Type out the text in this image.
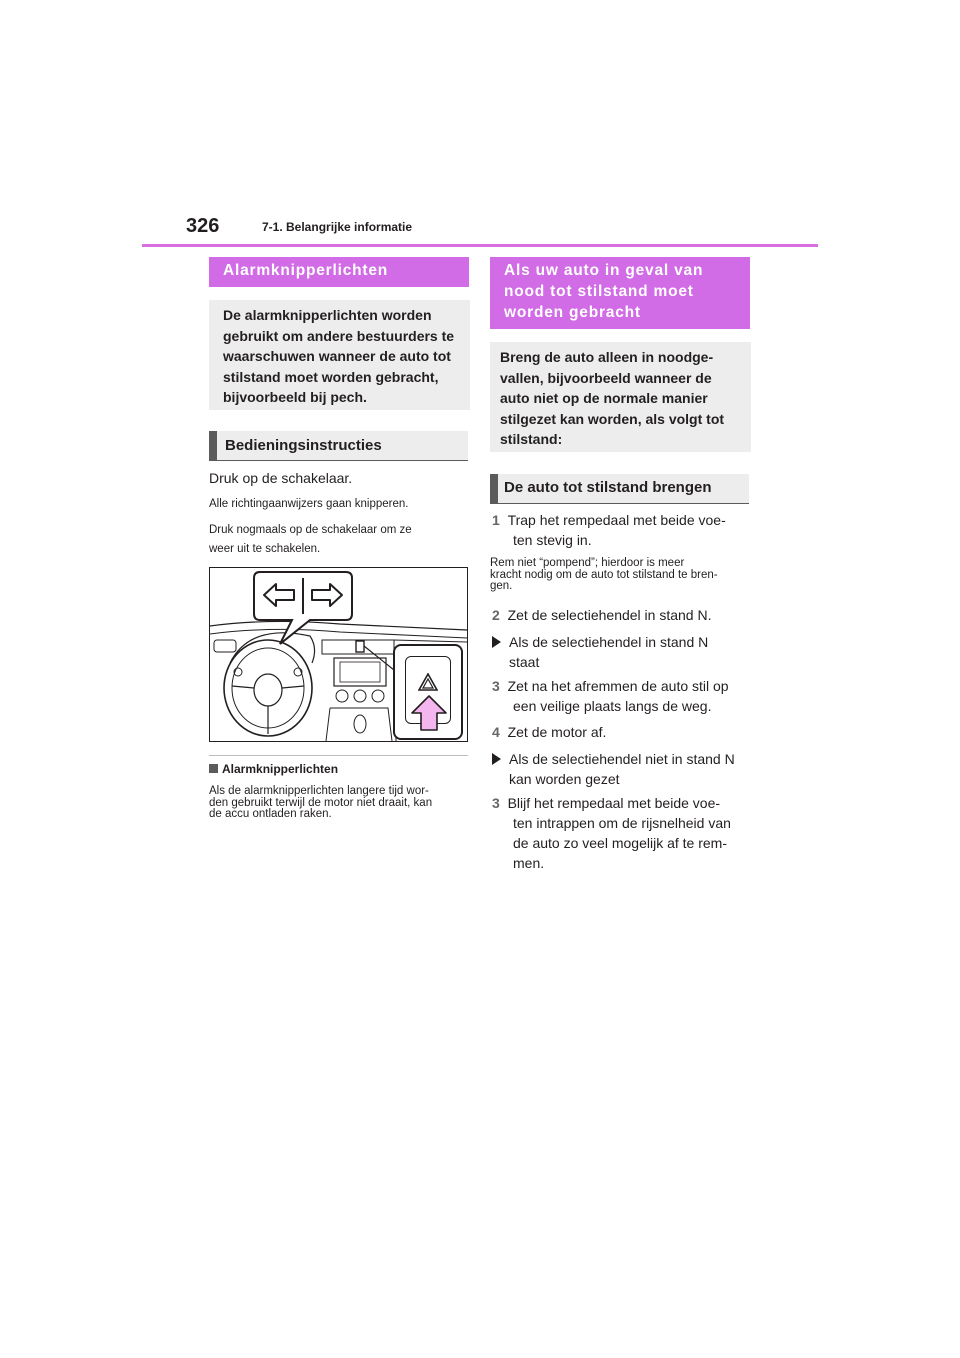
326	7-1. Belangrijke informatie
Alarmknipperlichten
De alarmknipperlichten worden
gebruikt om andere bestuurders te
waarschuwen wanneer de auto tot
stilstand moet worden gebracht,
bijvoorbeeld bij pech.
Bedieningsinstructies
Druk op de schakelaar.
Alle richtingaanwijzers gaan knipperen.
Druk nogmaals op de schakelaar om ze
weer uit te schakelen.
Alarmknipperlichten
Als de alarmknipperlichten langere tijd wor-
den gebruikt terwijl de motor niet draait, kan
de accu ontladen raken.
Als uw auto in geval van
nood tot stilstand moet
worden gebracht
Breng de auto alleen in noodge-
vallen, bijvoorbeeld wanneer de
auto niet op de normale manier
stilgezet kan worden, als volgt tot
stilstand:
De auto tot stilstand brengen
1 Trap het rempedaal met beide voe-
ten stevig in.
Rem niet “pompend”; hierdoor is meer
kracht nodig om de auto tot stilstand te bren-
gen.
2 Zet de selectiehendel in stand N.
Als de selectiehendel in stand N
staat
3 Zet na het afremmen de auto stil op
een veilige plaats langs de weg.
4 Zet de motor af.
Als de selectiehendel niet in stand N
kan worden gezet
3 Blijf het rempedaal met beide voe-
ten intrappen om de rijsnelheid van
de auto zo veel mogelijk af te rem-
men.
